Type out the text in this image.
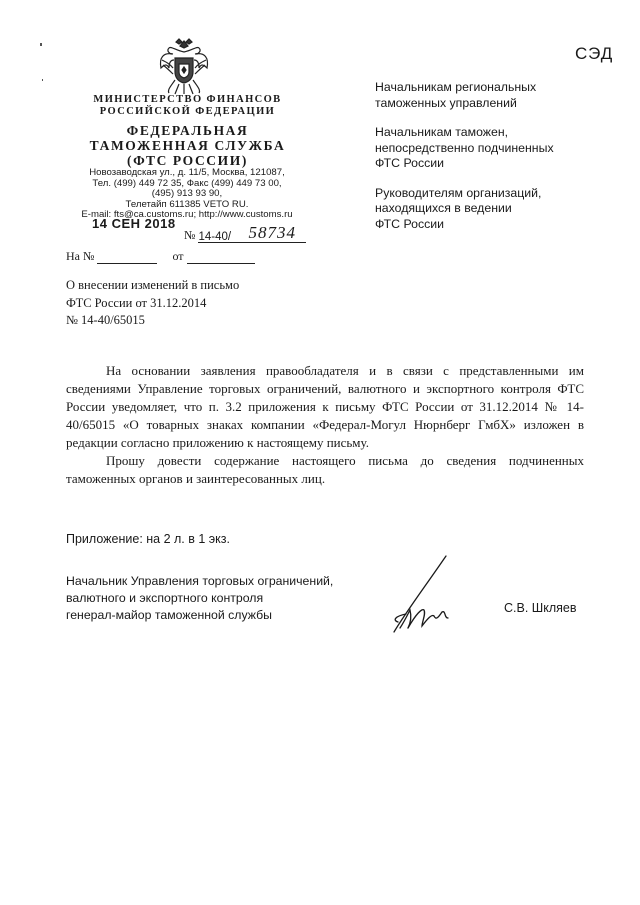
СЭД
МИНИСТЕРСТВО ФИНАНСОВ
РОССИЙСКОЙ ФЕДЕРАЦИИ
ФЕДЕРАЛЬНАЯ
ТАМОЖЕННАЯ СЛУЖБА
(ФТС РОССИИ)
Новозаводская ул., д. 11/5, Москва, 121087,
Тел. (499) 449 72 35, Факс (499) 449 73 00,
(495) 913 93 90,
Телетайп 611385 VETO RU.
E-mail: fts@ca.customs.ru; http://www.customs.ru
14 СЕН 2018
№ 14-40/ 58734
На №	от
О внесении изменений в письмо
ФТС России от 31.12.2014
№ 14-40/65015
Начальникам региональных
таможенных управлений
Начальникам таможен,
непосредственно подчиненных
ФТС России
Руководителям организаций,
находящихся в ведении
ФТС России

На основании заявления правообладателя и в связи с представленными им сведениями Управление торговых ограничений, валютного и экспортного контроля ФТС России уведомляет, что п. 3.2 приложения к письму ФТС России от 31.12.2014 № 14-40/65015 «О товарных знаках компании «Федерал-Могул Нюрнберг ГмбХ» изложен в редакции согласно приложению к настоящему письму.

Прошу довести содержание настоящего письма до сведения подчиненных таможенных органов и заинтересованных лиц.

Приложение: на 2 л. в 1 экз.
Начальник Управления торговых ограничений,
валютного и экспортного контроля
генерал-майор таможенной службы	С.В. Шкляев
